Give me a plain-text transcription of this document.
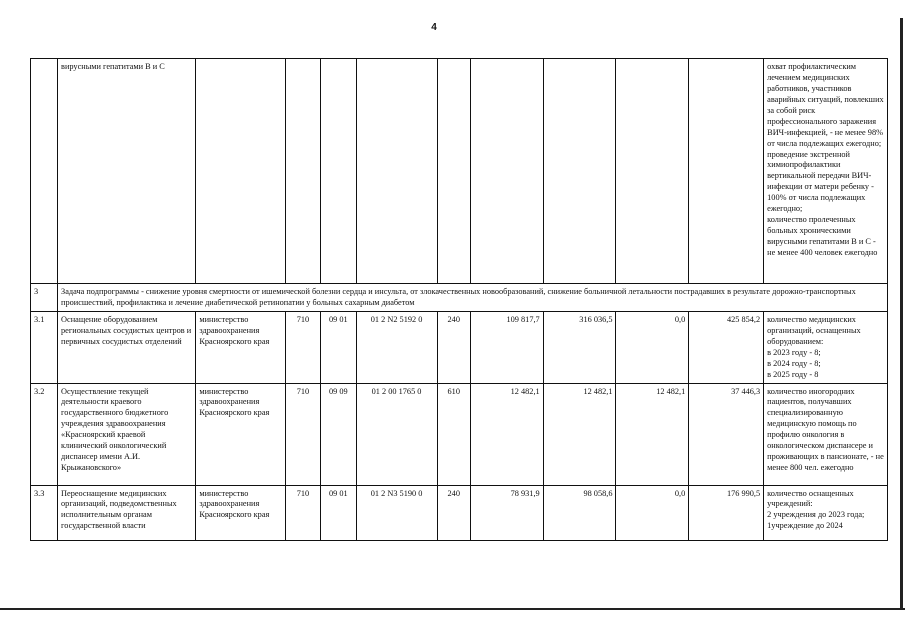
4
	вирусными гепатитами В и С										охват профилактическим лечением медицинских работников, участников аварийных ситуаций, повлекших за собой риск профессионального заражения ВИЧ-инфекцией, - не менее 98% от числа подлежащих ежегодно;
проведение экстренной химиопрофилактики вертикальной передачи ВИЧ-инфекции от матери ребенку - 100% от числа подлежащих ежегодно;
количество пролеченных больных хроническими вирусными гепатитами В и С - не менее 400 человек ежегодно
3	Задача подпрограммы - снижение уровня смертности от ишемической болезни сердца и инсульта, от злокачественных новообразований, снижение больничной летальности пострадавших в результате дорожно-транспортных происшествий, профилактика и лечение диабетической ретинопатии у больных сахарным диабетом										
3.1	Оснащение оборудованием региональных сосудистых центров и первичных сосудистых отделений	министерство здравоохранения Красноярского края	710	09 01	01 2 N2 5192 0	240	109 817,7	316 036,5	0,0	425 854,2	количество медицинских организаций, оснащенных оборудованием:
в 2023 году - 8;
в 2024 году - 8;
в 2025 году - 8
3.2	Осуществление текущей деятельности краевого государственного бюджетного учреждения здравоохранения «Красноярский краевой клинический онкологический диспансер имени А.И. Крыжановского»	министерство здравоохранения Красноярского края	710	09 09	01 2 00 1765 0	610	12 482,1	12 482,1	12 482,1	37 446,3	количество иногородних пациентов, получавших специализированную медицинскую помощь по профилю онкология в онкологическом диспансере и проживающих в пансионате, - не менее 800 чел. ежегодно
3.3	Переоснащение медицинских организаций, подведомственных исполнительным органам государственной власти	министерство здравоохранения Красноярского края	710	09 01	01 2 N3 5190 0	240	78 931,9	98 058,6	0,0	176 990,5	количество оснащенных учреждений:
2 учреждения до 2023 года;
1учреждение до 2024
